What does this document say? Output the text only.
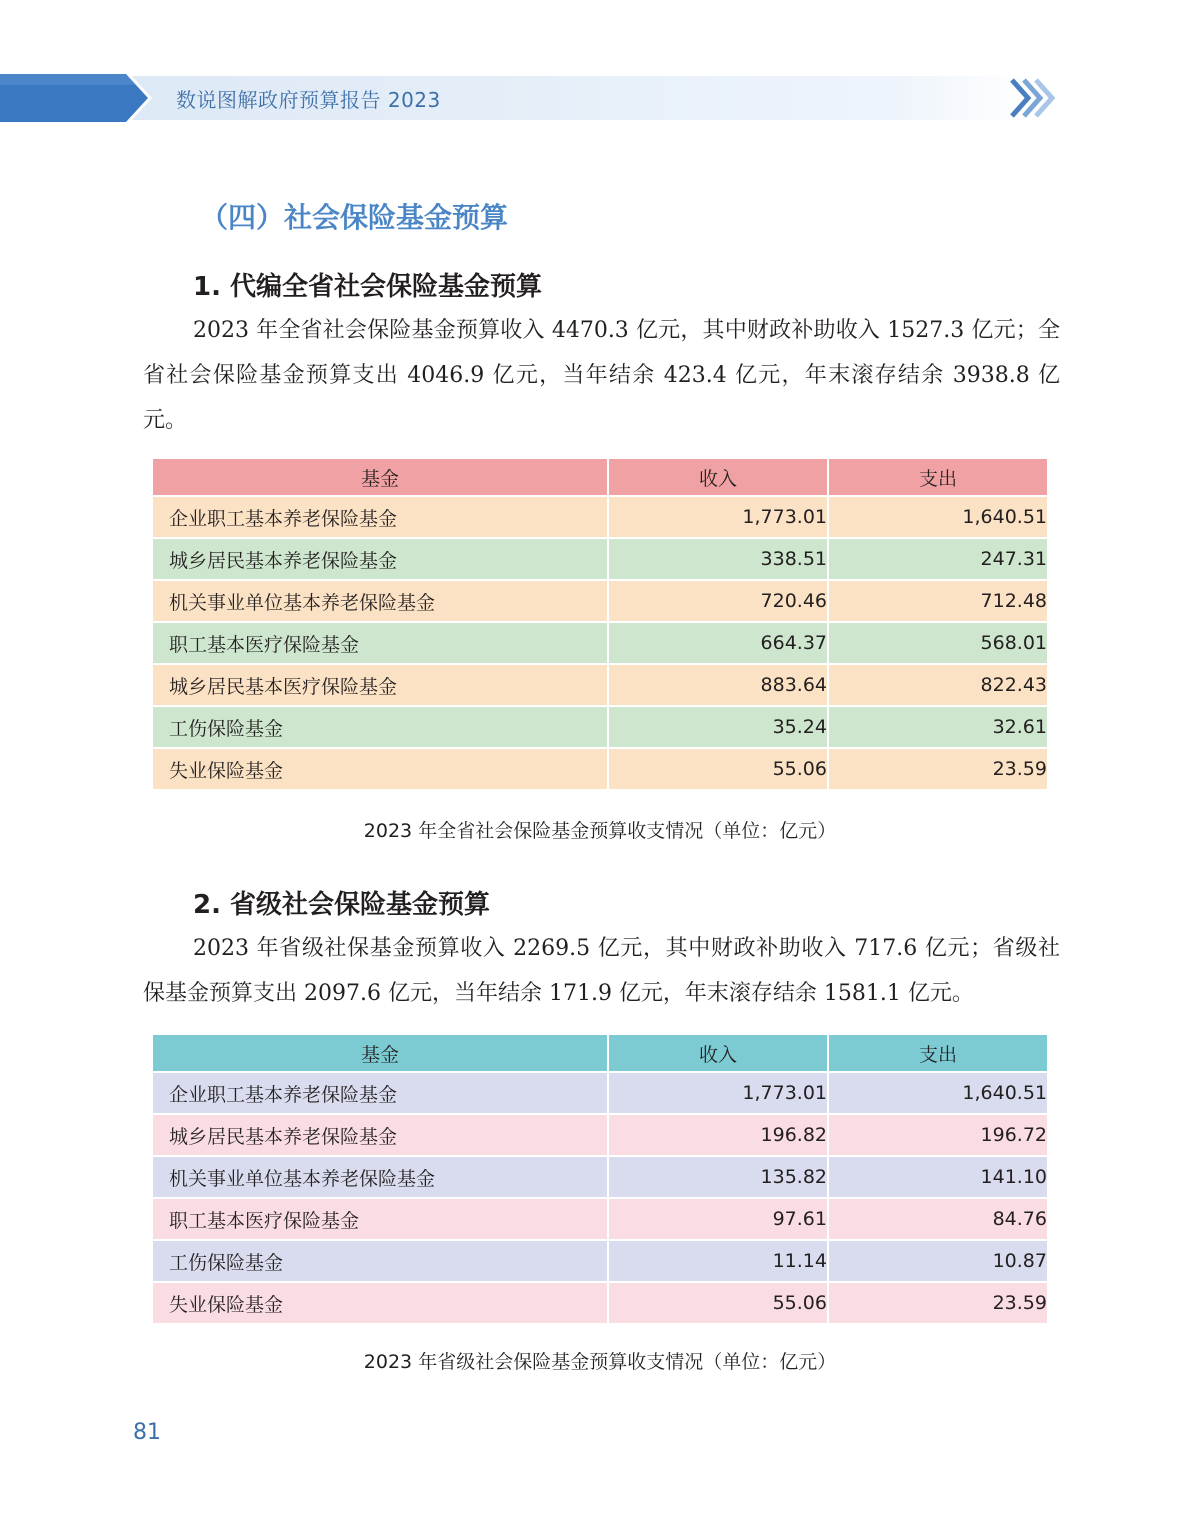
数说图解政府预算报告 2023
（四）社会保险基金预算
1. 代编全省社会保险基金预算
2023 年全省社会保险基金预算收入 4470.3 亿元，其中财政补助收入 1527.3 亿元；全省社会保险基金预算支出 4046.9 亿元，当年结余 423.4 亿元，年末滚存结余 3938.8 亿元。
基金	收入	支出
企业职工基本养老保险基金	1,773.01	1,640.51
城乡居民基本养老保险基金	338.51	247.31
机关事业单位基本养老保险基金	720.46	712.48
职工基本医疗保险基金	664.37	568.01
城乡居民基本医疗保险基金	883.64	822.43
工伤保险基金	35.24	32.61
失业保险基金	55.06	23.59
2023 年全省社会保险基金预算收支情况（单位：亿元）
2. 省级社会保险基金预算
2023 年省级社保基金预算收入 2269.5 亿元，其中财政补助收入 717.6 亿元；省级社保基金预算支出 2097.6 亿元，当年结余 171.9 亿元，年末滚存结余 1581.1 亿元。
基金	收入	支出
企业职工基本养老保险基金	1,773.01	1,640.51
城乡居民基本养老保险基金	196.82	196.72
机关事业单位基本养老保险基金	135.82	141.10
职工基本医疗保险基金	97.61	84.76
工伤保险基金	11.14	10.87
失业保险基金	55.06	23.59
2023 年省级社会保险基金预算收支情况（单位：亿元）
81
